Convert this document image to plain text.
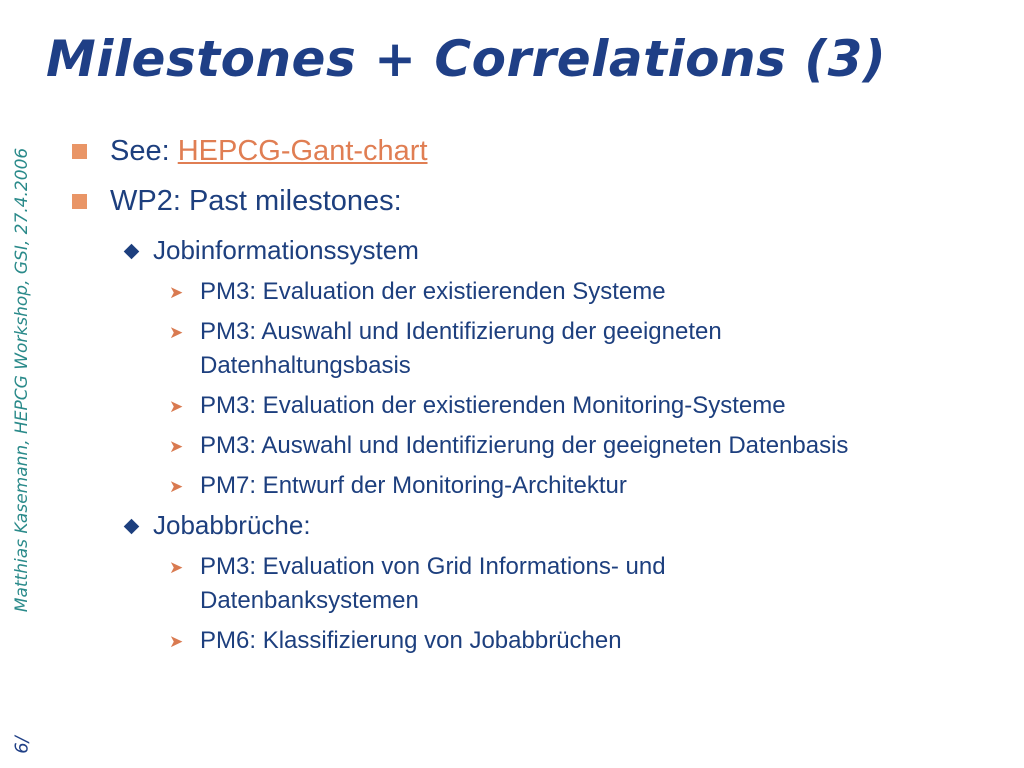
Matthias Kasemann, HEPCG Workshop, GSI, 27.4.2006
6/
Milestones + Correlations (3)
See: HEPCG-Gant-chart
WP2: Past milestones:
Jobinformationssystem
➤ PM3: Evaluation der existierenden Systeme
➤ PM3: Auswahl und Identifizierung der geeigneten
Datenhaltungsbasis
➤ PM3: Evaluation der existierenden Monitoring-Systeme
➤ PM3: Auswahl und Identifizierung der geeigneten Datenbasis
➤ PM7: Entwurf der Monitoring-Architektur
Jobabbrüche:
➤ PM3: Evaluation von Grid Informations- und
Datenbanksystemen
➤ PM6: Klassifizierung von Jobabbrüchen
